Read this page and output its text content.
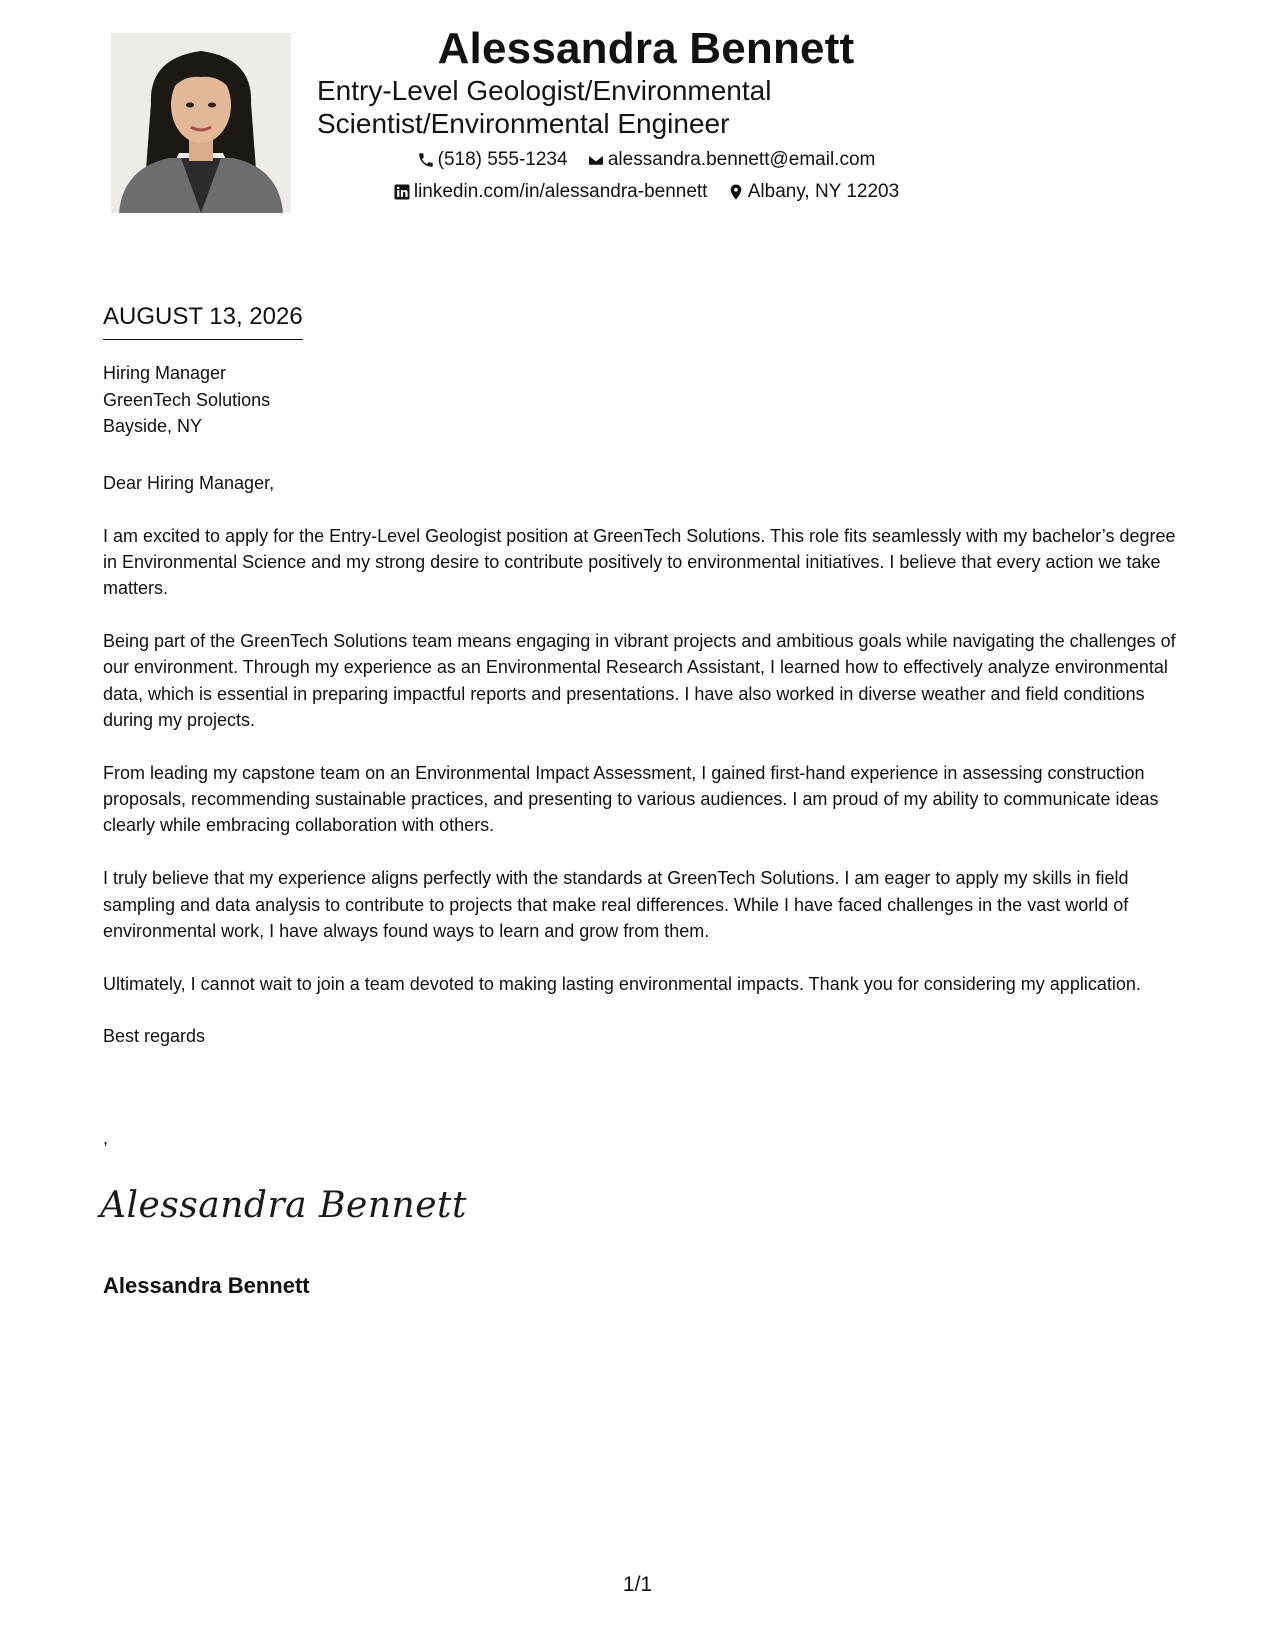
Alessandra Bennett
Entry-Level Geologist/Environmental
Scientist/Environmental Engineer
(518) 555-1234
alessandra.bennett@email.com
linkedin.com/in/alessandra-bennett
Albany, NY 12203
AUGUST 13, 2026
Hiring Manager
GreenTech Solutions
Bayside, NY

Dear Hiring Manager,

I am excited to apply for the Entry-Level Geologist position at GreenTech Solutions. This role fits seamlessly with my bachelor’s degree in Environmental Science and my strong desire to contribute positively to environmental initiatives. I believe that every action we take matters.

Being part of the GreenTech Solutions team means engaging in vibrant projects and ambitious goals while navigating the challenges of our environment. Through my experience as an Environmental Research Assistant, I learned how to effectively analyze environmental data, which is essential in preparing impactful reports and presentations. I have also worked in diverse weather and field conditions during my projects.

From leading my capstone team on an Environmental Impact Assessment, I gained first-hand experience in assessing construction proposals, recommending sustainable practices, and presenting to various audiences. I am proud of my ability to communicate ideas clearly while embracing collaboration with others.

I truly believe that my experience aligns perfectly with the standards at GreenTech Solutions. I am eager to apply my skills in field sampling and data analysis to contribute to projects that make real differences. While I have faced challenges in the vast world of environmental work, I have always found ways to learn and grow from them.

Ultimately, I cannot wait to join a team devoted to making lasting environmental impacts. Thank you for considering my application.

Best regards

,
Alessandra Bennett
Alessandra Bennett
1/1
